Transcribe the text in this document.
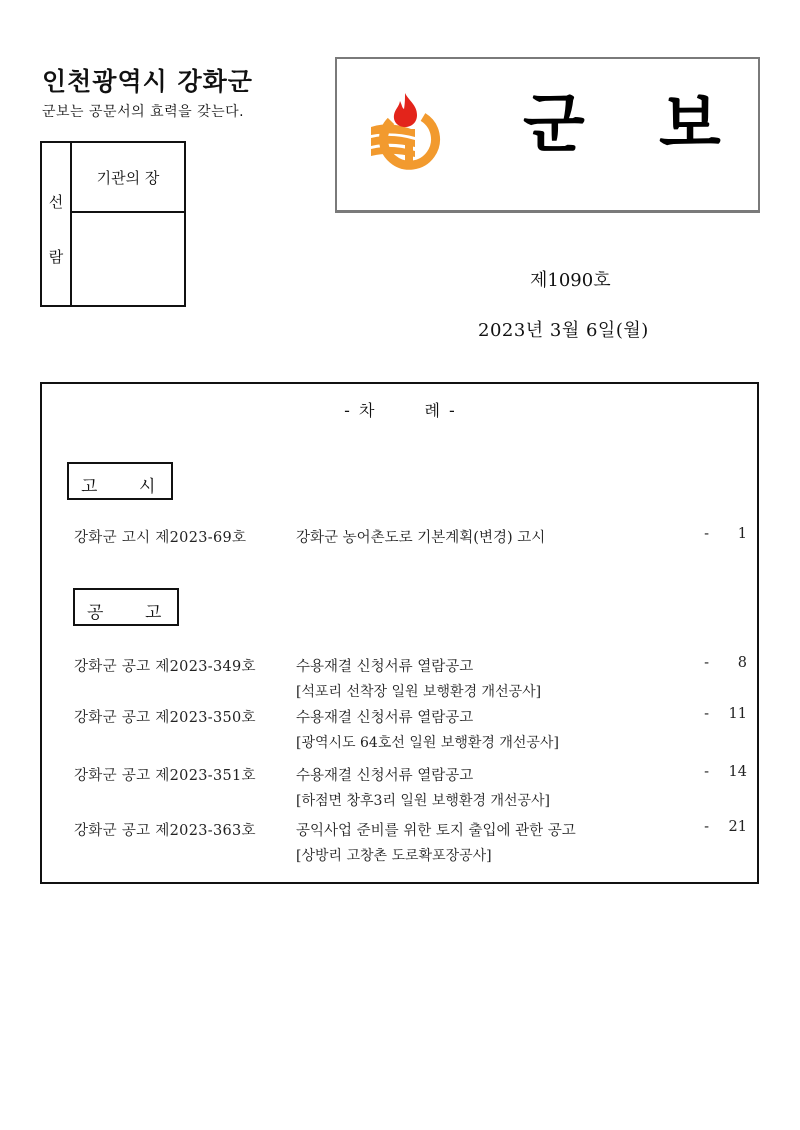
인천광역시 강화군
군보는 공문서의 효력을 갖는다.
선
람
기관의 장
군 보
제1090호
2023년 3월 6일(월)
- 차	례 -
고 시
강화군 고시 제2023-69호	강화군 농어촌도로 기본계획(변경) 고시	-	1
공 고
강화군 공고 제2023-349호	수용재결 신청서류 열람공고	-	8
[석포리 선착장 일원 보행환경 개선공사]
강화군 공고 제2023-350호	수용재결 신청서류 열람공고	-	11
[광역시도 64호선 일원 보행환경 개선공사]
강화군 공고 제2023-351호	수용재결 신청서류 열람공고	-	14
[하점면 창후3리 일원 보행환경 개선공사]
강화군 공고 제2023-363호	공익사업 준비를 위한 토지 출입에 관한 공고	-	21
[상방리 고창촌 도로확포장공사]
